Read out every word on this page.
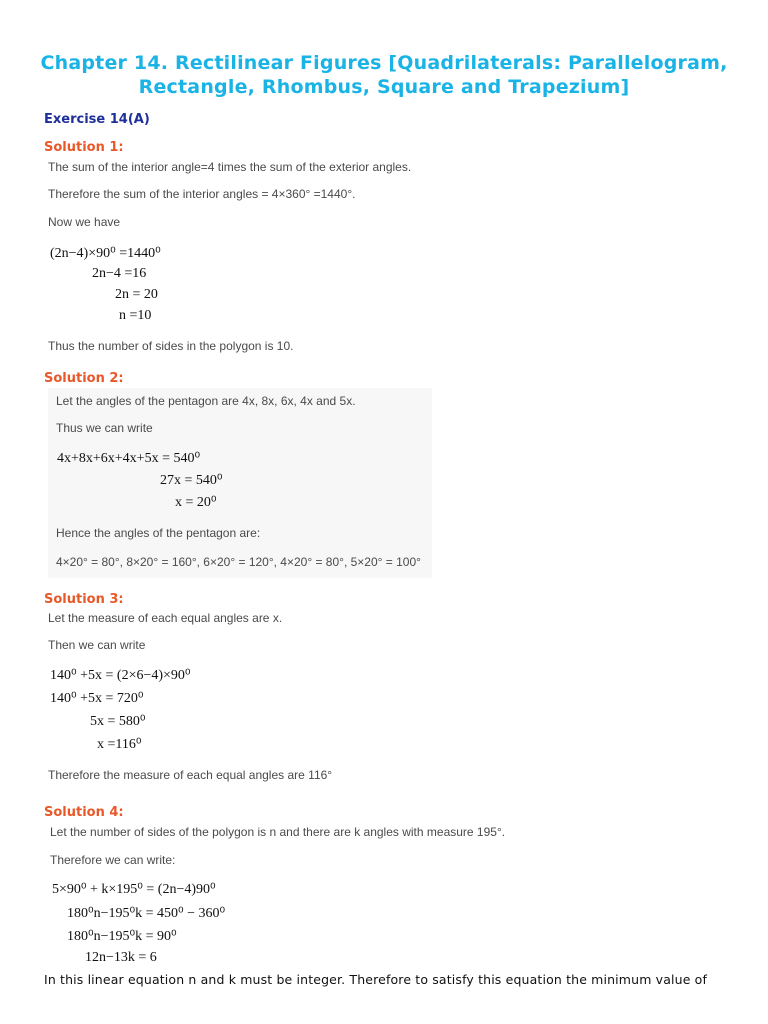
Chapter 14. Rectilinear Figures [Quadrilaterals: Parallelogram,
Rectangle, Rhombus, Square and Trapezium]
Exercise 14(A)
Solution 1:
The sum of the interior angle=4 times the sum of the exterior angles.
Therefore the sum of the interior angles = 4×360° =1440°.
Now we have
(2n−4)×90⁰ =1440⁰
2n−4 =16
2n = 20
n =10
Thus the number of sides in the polygon is 10.
Solution 2:
Let the angles of the pentagon are 4x, 8x, 6x, 4x and 5x.
Thus we can write
4x+8x+6x+4x+5x = 540⁰
27x = 540⁰
x = 20⁰
Hence the angles of the pentagon are:
4×20° = 80°, 8×20° = 160°, 6×20° = 120°, 4×20° = 80°, 5×20° = 100°
Solution 3:
Let the measure of each equal angles are x.
Then we can write
140⁰ +5x = (2×6−4)×90⁰
140⁰ +5x = 720⁰
5x = 580⁰
x =116⁰
Therefore the measure of each equal angles are 116°
Solution 4:
Let the number of sides of the polygon is n and there are k angles with measure 195°.
Therefore we can write:
5×90⁰ + k×195⁰ = (2n−4)90⁰
180⁰n−195⁰k = 450⁰ − 360⁰
180⁰n−195⁰k = 90⁰
12n−13k = 6
In this linear equation n and k must be integer. Therefore to satisfy this equation the minimum value of
